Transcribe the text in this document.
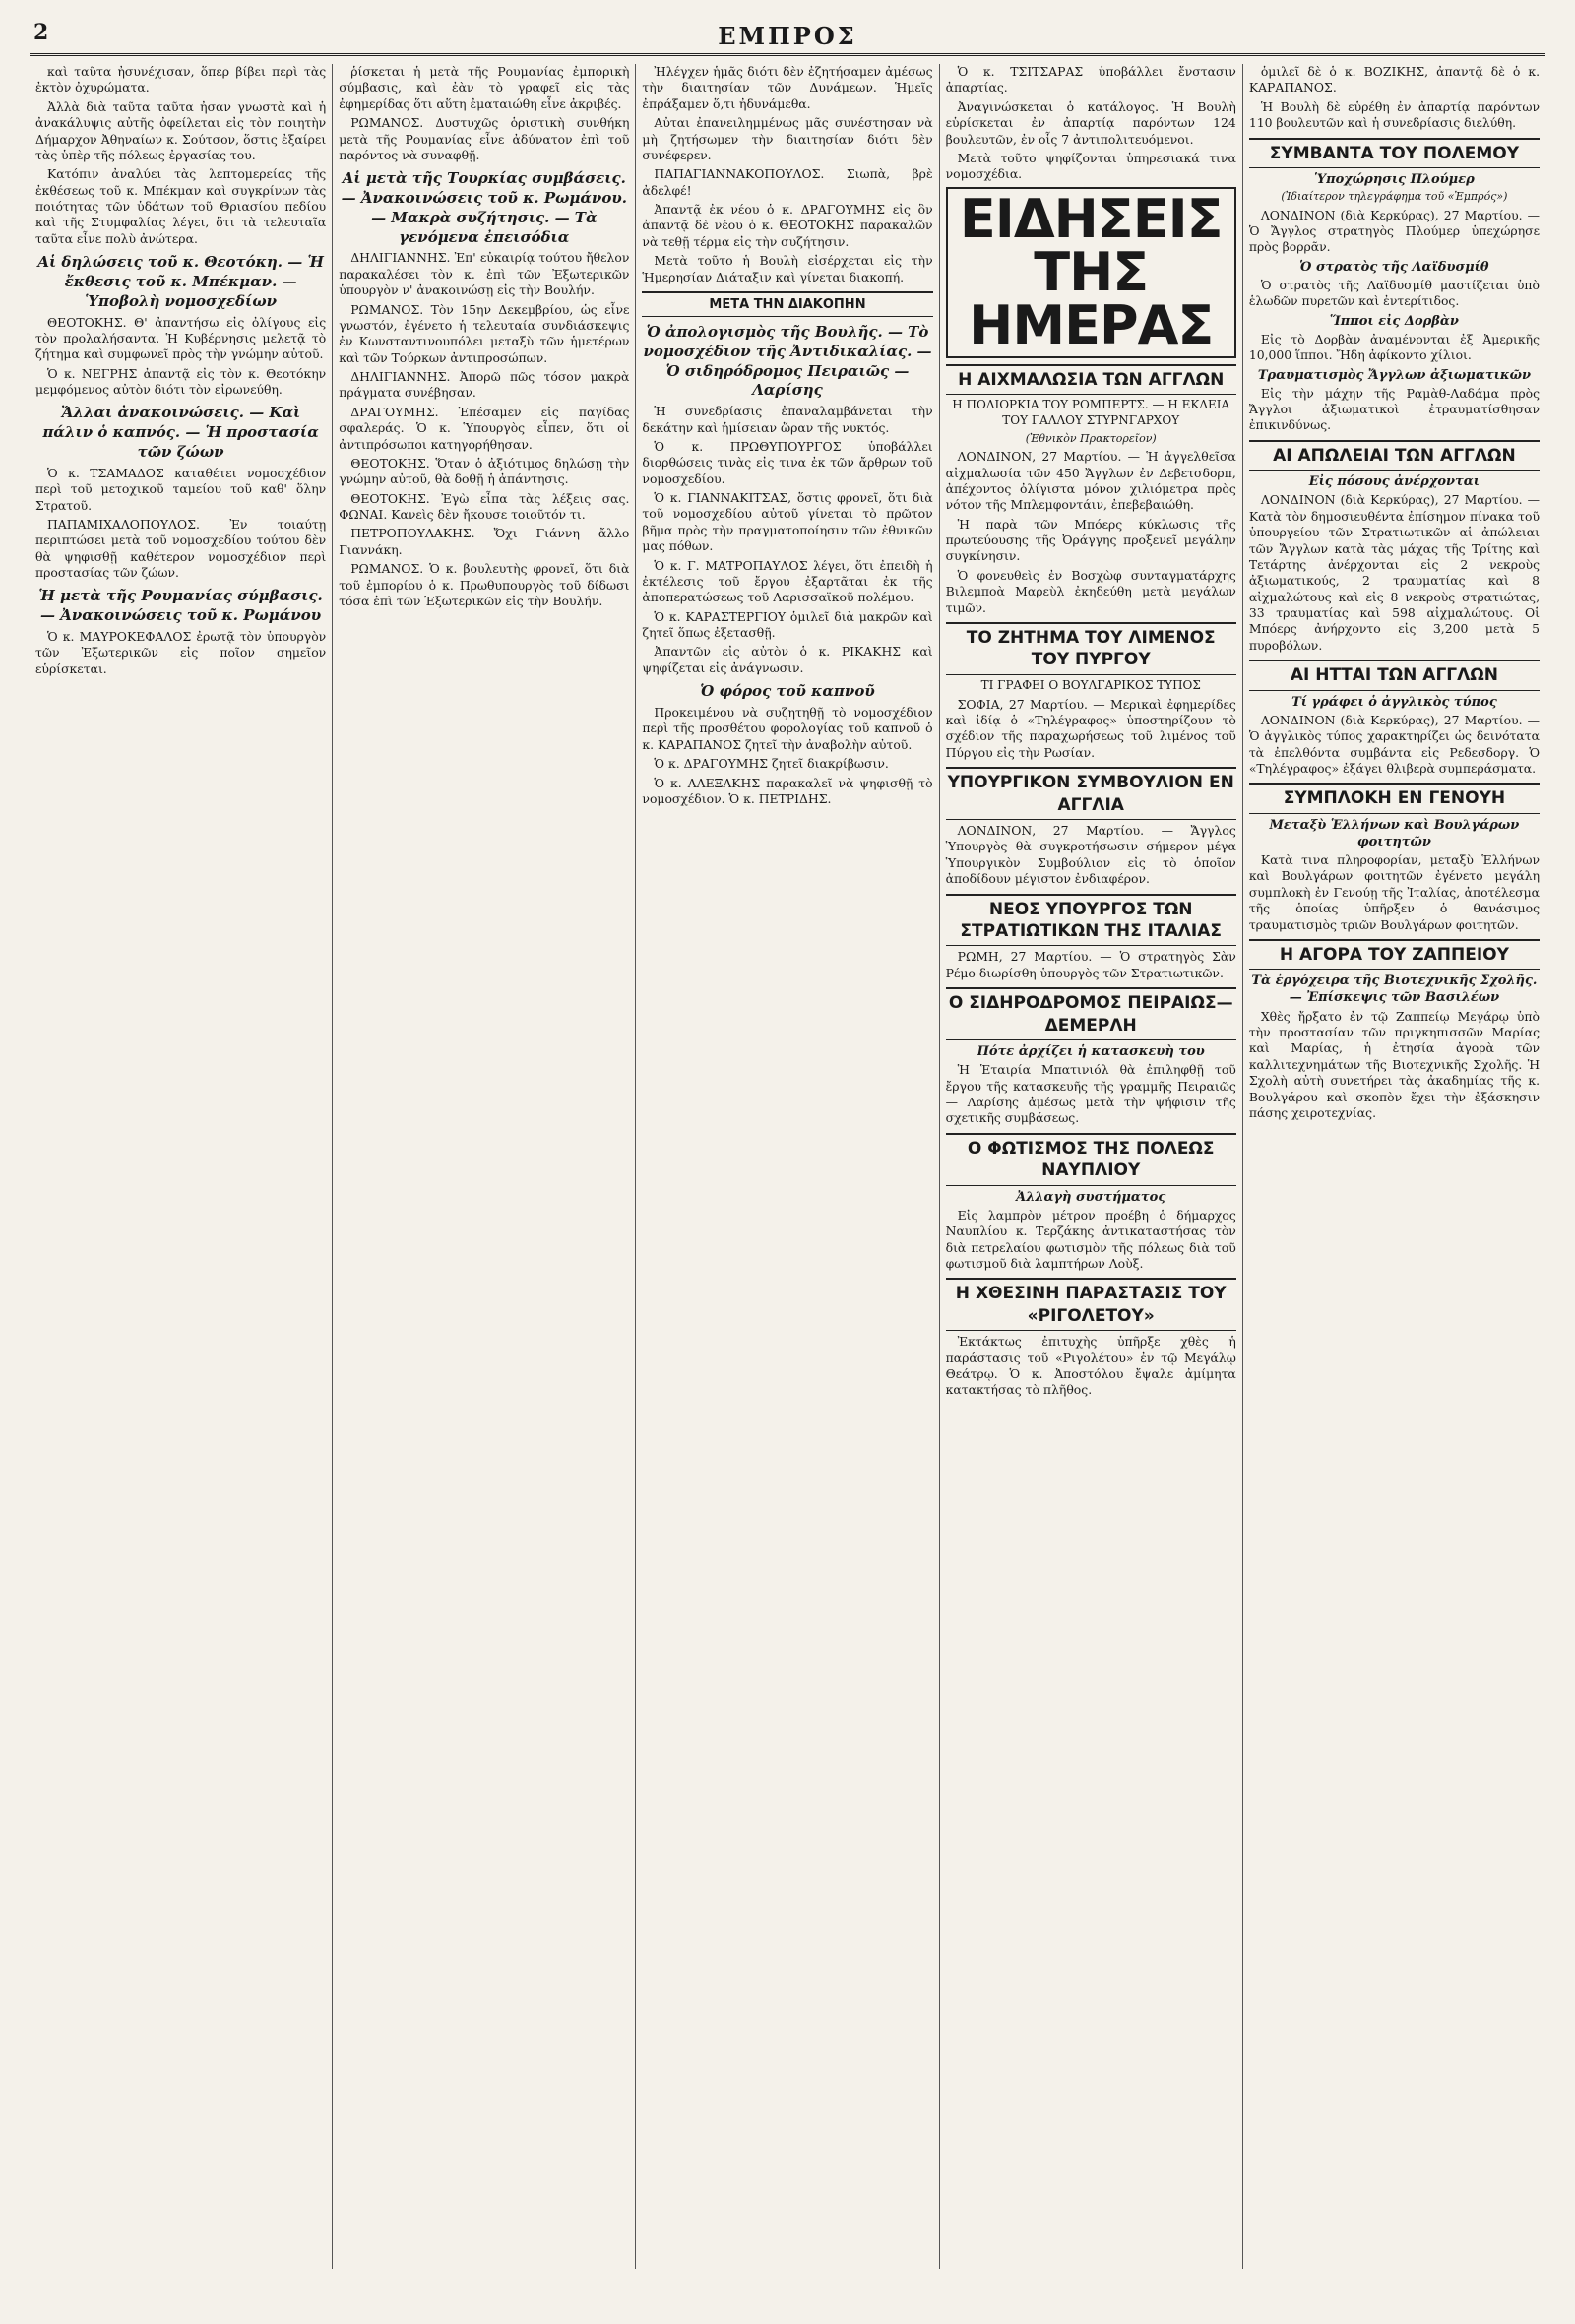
2	ΕΜΠΡΟΣ

καὶ ταῦτα ἠσυνέχισαν, ὅπερ βίβει περὶ τὰς ἐκτὸν ὀχυρώματα.

Ἀλλὰ διὰ ταῦτα ταῦτα ἠσαν γνωστὰ καὶ ἡ ἀνακάλυψις αὐτῆς ὀφείλεται εἰς τὸν ποιητὴν Δήμαρχον Ἀθηναίων κ. Σούτσον, ὅστις ἐξαίρει τὰς ὑπὲρ τῆς πόλεως ἐργασίας του.

Κατόπιν ἀναλύει τὰς λεπτομερείας τῆς ἐκθέσεως τοῦ κ. Μπέκμαν καὶ συγκρίνων τὰς ποιότητας τῶν ὑδάτων τοῦ Θριασίου πεδίου καὶ τῆς Στυμφαλίας λέγει, ὅτι τὰ τελευταῖα ταῦτα εἶνε πολὺ ἀνώτερα.

Αἱ δηλώσεις τοῦ κ. Θεοτόκη. — Ἡ ἔκθεσις τοῦ κ. Μπέκμαν. — Ὑποβολὴ νομοσχεδίων

ΘΕΟΤΟΚΗΣ. Θ' ἀπαντήσω εἰς ὀλίγους εἰς τὸν προλαλήσαντα. Ἡ Κυβέρνησις μελετᾷ τὸ ζήτημα καὶ συμφωνεῖ πρὸς τὴν γνώμην αὐτοῦ.

Ὁ κ. ΝΕΓΡΗΣ ἀπαντᾷ εἰς τὸν κ. Θεοτόκην μεμφόμενος αὐτὸν διότι τὸν εἰρωνεύθη.

Ἄλλαι ἀνακοινώσεις. — Καὶ πάλιν ὁ καπνός. — Ἡ προστασία τῶν ζώων

Ὁ κ. ΤΣΑΜΑΔΟΣ καταθέτει νομοσχέδιον περὶ τοῦ μετοχικοῦ ταμείου τοῦ καθ' ὅλην Στρατοῦ.

ΠΑΠΑΜΙΧΑΛΟΠΟΥΛΟΣ. Ἐν τοιαύτῃ περιπτώσει μετὰ τοῦ νομοσχεδίου τούτου δὲν θὰ ψηφισθῇ καθέτερον νομοσχέδιον περὶ προστασίας τῶν ζώων.

Ἡ μετὰ τῆς Ρουμανίας σύμβασις. — Ἀνακοινώσεις τοῦ κ. Ρωμάνου

Ὁ κ. ΜΑΥΡΟΚΕΦΑΛΟΣ ἐρωτᾷ τὸν ὑπουργὸν τῶν Ἐξωτερικῶν εἰς ποῖον σημεῖον εὑρίσκεται.

ῥίσκεται ἡ μετὰ τῆς Ρουμανίας ἐμπορικὴ σύμβασις, καὶ ἐὰν τὸ γραφεῖ εἰς τὰς ἐφημερίδας ὅτι αὕτη ἐματαιώθη εἶνε ἀκριβές.

ΡΩΜΑΝΟΣ. Δυστυχῶς ὁριστικὴ συνθήκη μετὰ τῆς Ρουμανίας εἶνε ἀδύνατον ἐπὶ τοῦ παρόντος νὰ συναφθῇ.

Αἱ μετὰ τῆς Τουρκίας συμβάσεις. — Ἀνακοινώσεις τοῦ κ. Ρωμάνου. — Μακρὰ συζήτησις. — Τὰ γενόμενα ἐπεισόδια

ΔΗΛΙΓΙΑΝΝΗΣ. Ἐπ' εὐκαιρίᾳ τούτου ἤθελον παρακαλέσει τὸν κ. ἐπὶ τῶν Ἐξωτερικῶν ὑπουργὸν ν' ἀνακοινώσῃ εἰς τὴν Βουλήν.

ΡΩΜΑΝΟΣ. Τὸν 15ην Δεκεμβρίου, ὡς εἶνε γνωστόν, ἐγένετο ἡ τελευταία συνδιάσκεψις ἐν Κωνσταντινουπόλει μεταξὺ τῶν ἡμετέρων καὶ τῶν Τούρκων ἀντιπροσώπων.

ΔΗΛΙΓΙΑΝΝΗΣ. Ἀπορῶ πῶς τόσον μακρὰ πράγματα συνέβησαν.

ΔΡΑΓΟΥΜΗΣ. Ἐπέσαμεν εἰς παγίδας σφαλεράς. Ὁ κ. Ὑπουργὸς εἶπεν, ὅτι οἱ ἀντιπρόσωποι κατηγορήθησαν.

ΘΕΟΤΟΚΗΣ. Ὅταν ὁ ἀξιότιμος δηλώσῃ τὴν γνώμην αὐτοῦ, θὰ δοθῇ ἡ ἀπάντησις.

ΘΕΟΤΟΚΗΣ. Ἐγὼ εἶπα τὰς λέξεις σας. ΦΩΝΑΙ. Κανεὶς δὲν ἤκουσε τοιοῦτόν τι.

ΠΕΤΡΟΠΟΥΛΑΚΗΣ. Ὄχι Γιάννη ἄλλο Γιαννάκη.

ΡΩΜΑΝΟΣ. Ὁ κ. βουλευτὴς φρονεῖ, ὅτι διὰ τοῦ ἐμπορίου ὁ κ. Πρωθυπουργὸς τοῦ δίδωσι τόσα ἐπὶ τῶν Ἐξωτερικῶν εἰς τὴν Βουλήν.

Ἠλέγχεν ἡμᾶς διότι δὲν ἐζητήσαμεν ἀμέσως τὴν διαιτησίαν τῶν Δυνάμεων. Ἡμεῖς ἐπράξαμεν ὅ,τι ἠδυνάμεθα.

Αὐται ἐπανειλημμένως μᾶς συνέστησαν νὰ μὴ ζητήσωμεν τὴν διαιτησίαν διότι δὲν συνέφερεν.

ΠΑΠΑΓΙΑΝΝΑΚΟΠΟΥΛΟΣ. Σιωπὰ, βρὲ ἀδελφέ!

Ἀπαντᾷ ἐκ νέου ὁ κ. ΔΡΑΓΟΥΜΗΣ εἰς ὃν ἀπαντᾷ δὲ νέου ὁ κ. ΘΕΟΤΟΚΗΣ παρακαλῶν νὰ τεθῇ τέρμα εἰς τὴν συζήτησιν.

Μετὰ τοῦτο ἡ Βουλὴ εἰσέρχεται εἰς τὴν Ἡμερησίαν Διάταξιν καὶ γίνεται διακοπή.

ΜΕΤΑ ΤΗΝ ΔΙΑΚΟΠΗΝ
Ὁ ἀπολογισμὸς τῆς Βουλῆς. — Τὸ νομοσχέδιον τῆς Ἀντιδικαλίας. — Ὁ σιδηρόδρομος Πειραιῶς — Λαρίσης

Ἡ συνεδρίασις ἐπαναλαμβάνεται τὴν δεκάτην καὶ ἡμίσειαν ὥραν τῆς νυκτός.

Ὁ κ. ΠΡΩΘΥΠΟΥΡΓΟΣ ὑποβάλλει διορθώσεις τινὰς εἰς τινα ἐκ τῶν ἄρθρων τοῦ νομοσχεδίου.

Ὁ κ. ΓΙΑΝΝΑΚΙΤΣΑΣ, ὅστις φρονεῖ, ὅτι διὰ τοῦ νομοσχεδίου αὐτοῦ γίνεται τὸ πρῶτον βῆμα πρὸς τὴν πραγματοποίησιν τῶν ἐθνικῶν μας πόθων.

Ὁ κ. Γ. ΜΑΤΡΟΠΑΥΛΟΣ λέγει, ὅτι ἐπειδὴ ἡ ἐκτέλεσις τοῦ ἔργου ἐξαρτᾶται ἐκ τῆς ἀποπερατώσεως τοῦ Λαρισσαϊκοῦ πολέμου.

Ὁ κ. ΚΑΡΑΣΤΕΡΓΙΟΥ ὁμιλεῖ διὰ μακρῶν καὶ ζητεῖ ὅπως ἐξετασθῇ.

Ἀπαντῶν εἰς αὐτὸν ὁ κ. ΡΙΚΑΚΗΣ καὶ ψηφίζεται εἰς ἀνάγνωσιν.

Ὁ φόρος τοῦ καπνοῦ

Προκειμένου νὰ συζητηθῇ τὸ νομοσχέδιον περὶ τῆς προσθέτου φορολογίας τοῦ καπνοῦ ὁ κ. ΚΑΡΑΠΑΝΟΣ ζητεῖ τὴν ἀναβολὴν αὐτοῦ.

Ὁ κ. ΔΡΑΓΟΥΜΗΣ ζητεῖ διακρίβωσιν.

Ὁ κ. ΑΛΕΞΑΚΗΣ παρακαλεῖ νὰ ψηφισθῇ τὸ νομοσχέδιον. Ὁ κ. ΠΕΤΡΙΔΗΣ.

Ὁ κ. ΤΣΙΤΣΑΡΑΣ ὑποβάλλει ἔνστασιν ἀπαρτίας.

Ἀναγινώσκεται ὁ κατάλογος. Ἡ Βουλὴ εὑρίσκεται ἐν ἀπαρτίᾳ παρόντων 124 βουλευτῶν, ἐν οἷς 7 ἀντιπολιτευόμενοι.

Μετὰ τοῦτο ψηφίζονται ὑπηρεσιακά τινα νομοσχέδια.

ΕΙΔΗΣΕΙΣ ΤΗΣ ΗΜΕΡΑΣ
Η ΑΙΧΜΑΛΩΣΙΑ ΤΩΝ ΑΓΓΛΩΝ
Η ΠΟΛΙΟΡΚΙΑ ΤΟΥ ΡΟΜΠΕΡΤΣ. — Η ΕΚΔΕΙΑ ΤΟΥ ΓΑΛΛΟΥ ΣΤΥΡΝΓΑΡΧΟΥ
(Ἐθνικὸν Πρακτορεῖον)

ΛΟΝΔΙΝΟΝ, 27 Μαρτίου. — Ἡ ἀγγελθεῖσα αἰχμαλωσία τῶν 450 Ἄγγλων ἐν Δεβετσδορπ, ἀπέχοντος ὀλίγιστα μόνον χιλιόμετρα πρὸς νότον τῆς Μπλεμφοντάιν, ἐπεβεβαιώθη.

Ἡ παρὰ τῶν Μπόερς κύκλωσις τῆς πρωτεύουσης τῆς Ὀράγγης προξενεῖ μεγάλην συγκίνησιν.

Ὁ φονευθεὶς ἐν Βοσχὼφ συνταγματάρχης Βιλεμποὰ Μαρεὺλ ἐκηδεύθη μετὰ μεγάλων τιμῶν.

ΤΟ ΖΗΤΗΜΑ ΤΟΥ ΛΙΜΕΝΟΣ ΤΟΥ ΠΥΡΓΟΥ
ΤΙ ΓΡΑΦΕΙ Ο ΒΟΥΛΓΑΡΙΚΟΣ ΤΥΠΟΣ

ΣΟΦΙΑ, 27 Μαρτίου. — Μερικαὶ ἐφημερίδες καὶ ἰδίᾳ ὁ «Τηλέγραφος» ὑποστηρίζουν τὸ σχέδιον τῆς παραχωρήσεως τοῦ λιμένος τοῦ Πύργου εἰς τὴν Ρωσίαν.

ΥΠΟΥΡΓΙΚΟΝ ΣΥΜΒΟΥΛΙΟΝ ΕΝ ΑΓΓΛΙΑ

ΛΟΝΔΙΝΟΝ, 27 Μαρτίου. — Ἄγγλος Ὑπουργὸς θὰ συγκροτήσωσιν σήμερον μέγα Ὑπουργικὸν Συμβούλιον εἰς τὸ ὁποῖον ἀποδίδουν μέγιστον ἐνδιαφέρον.

ΝΕΟΣ ΥΠΟΥΡΓΟΣ ΤΩΝ ΣΤΡΑΤΙΩΤΙΚΩΝ ΤΗΣ ΙΤΑΛΙΑΣ

ΡΩΜΗ, 27 Μαρτίου. — Ὁ στρατηγὸς Σὰν Ρέμο διωρίσθη ὑπουργὸς τῶν Στρατιωτικῶν.

Ο ΣΙΔΗΡΟΔΡΟΜΟΣ ΠΕΙΡΑΙΩΣ—ΔΕΜΕΡΛΗ
Πότε ἀρχίζει ἡ κατασκευὴ του

Ἡ Ἑταιρία Μπατινιόλ θὰ ἐπιληφθῇ τοῦ ἔργου τῆς κατασκευῆς τῆς γραμμῆς Πειραιῶς — Λαρίσης ἀμέσως μετὰ τὴν ψήφισιν τῆς σχετικῆς συμβάσεως.

Ο ΦΩΤΙΣΜΟΣ ΤΗΣ ΠΟΛΕΩΣ ΝΑΥΠΛΙΟΥ
Ἀλλαγὴ συστήματος

Εἰς λαμπρὸν μέτρον προέβη ὁ δήμαρχος Ναυπλίου κ. Τερζάκης ἀντικαταστήσας τὸν διὰ πετρελαίου φωτισμὸν τῆς πόλεως διὰ τοῦ φωτισμοῦ διὰ λαμπτήρων Λοὺξ.

Η ΧΘΕΣΙΝΗ ΠΑΡΑΣΤΑΣΙΣ ΤΟΥ «ΡΙΓΟΛΕΤΟΥ»

Ἐκτάκτως ἐπιτυχὴς ὑπῆρξε χθὲς ἡ παράστασις τοῦ «Ριγολέτου» ἐν τῷ Μεγάλῳ Θεάτρῳ. Ὁ κ. Ἀποστόλου ἔψαλε ἀμίμητα κατακτήσας τὸ πλῆθος.

ὁμιλεῖ δὲ ὁ κ. ΒΟΖΙΚΗΣ, ἀπαντᾷ δὲ ὁ κ. ΚΑΡΑΠΑΝΟΣ.

Ἡ Βουλὴ δὲ εὑρέθη ἐν ἀπαρτίᾳ παρόντων 110 βουλευτῶν καὶ ἡ συνεδρίασις διελύθη.

ΣΥΜΒΑΝΤΑ ΤΟΥ ΠΟΛΕΜΟΥ
Ὑποχώρησις Πλούμερ
(Ἰδιαίτερον τηλεγράφημα τοῦ «Ἐμπρός»)

ΛΟΝΔΙΝΟΝ (διὰ Κερκύρας), 27 Μαρτίου. — Ὁ Ἄγγλος στρατηγὸς Πλούμερ ὑπεχώρησε πρὸς βορρᾶν.

Ὁ στρατὸς τῆς Λαϊδυσμίθ

Ὁ στρατὸς τῆς Λαϊδυσμίθ μαστίζεται ὑπὸ ἑλωδῶν πυρετῶν καὶ ἐντερίτιδος.

Ἵπποι εἰς Δορβὰν

Εἰς τὸ Δορβὰν ἀναμένονται ἐξ Ἀμερικῆς 10,000 ἵπποι. Ἤδη ἀφίκοντο χίλιοι.

Τραυματισμὸς Ἄγγλων ἀξιωματικῶν

Εἰς τὴν μάχην τῆς Ραμὰθ-Λαδάμα πρὸς Ἄγγλοι ἀξιωματικοὶ ἐτραυματίσθησαν ἐπικινδύνως.

ΑΙ ΑΠΩΛΕΙΑΙ ΤΩΝ ΑΓΓΛΩΝ
Εἰς πόσους ἀνέρχονται

ΛΟΝΔΙΝΟΝ (διὰ Κερκύρας), 27 Μαρτίου. — Κατὰ τὸν δημοσιευθέντα ἐπίσημον πίνακα τοῦ ὑπουργείου τῶν Στρατιωτικῶν αἱ ἀπώλειαι τῶν Ἄγγλων κατὰ τὰς μάχας τῆς Τρίτης καὶ Τετάρτης ἀνέρχονται εἰς 2 νεκροὺς ἀξιωματικούς, 2 τραυματίας καὶ 8 αἰχμαλώτους καὶ εἰς 8 νεκροὺς στρατιώτας, 33 τραυματίας καὶ 598 αἰχμαλώτους. Οἱ Μπόερς ἀνήρχοντο εἰς 3,200 μετὰ 5 πυροβόλων.

ΑΙ ΗΤΤΑΙ ΤΩΝ ΑΓΓΛΩΝ
Τί γράφει ὁ ἀγγλικὸς τύπος

ΛΟΝΔΙΝΟΝ (διὰ Κερκύρας), 27 Μαρτίου. — Ὁ ἀγγλικὸς τύπος χαρακτηρίζει ὡς δεινότατα τὰ ἐπελθόντα συμβάντα εἰς Ρεδεσδοργ. Ὁ «Τηλέγραφος» ἐξάγει θλιβερὰ συμπεράσματα.

ΣΥΜΠΛΟΚΗ ΕΝ ΓΕΝΟΥΗ
Μεταξὺ Ἑλλήνων καὶ Βουλγάρων φοιτητῶν

Κατὰ τινα πληροφορίαν, μεταξὺ Ἑλλήνων καὶ Βουλγάρων φοιτητῶν ἐγένετο μεγάλη συμπλοκὴ ἐν Γενούῃ τῆς Ἰταλίας, ἀποτέλεσμα τῆς ὁποίας ὑπῆρξεν ὁ θανάσιμος τραυματισμὸς τριῶν Βουλγάρων φοιτητῶν.

Η ΑΓΟΡΑ ΤΟΥ ΖΑΠΠΕΙΟΥ
Τὰ ἐργόχειρα τῆς Βιοτεχνικῆς Σχολῆς. — Ἐπίσκεψις τῶν Βασιλέων

Χθὲς ἤρξατο ἐν τῷ Ζαππείῳ Μεγάρῳ ὑπὸ τὴν προστασίαν τῶν πριγκηπισσῶν Μαρίας καὶ Μαρίας, ἡ ἐτησία ἀγορὰ τῶν καλλιτεχνημάτων τῆς Βιοτεχνικῆς Σχολῆς. Ἡ Σχολὴ αὐτὴ συνετήρει τὰς ἀκαδημίας τῆς κ. Βουλγάρου καὶ σκοπὸν ἔχει τὴν ἐξάσκησιν πάσης χειροτεχνίας.
